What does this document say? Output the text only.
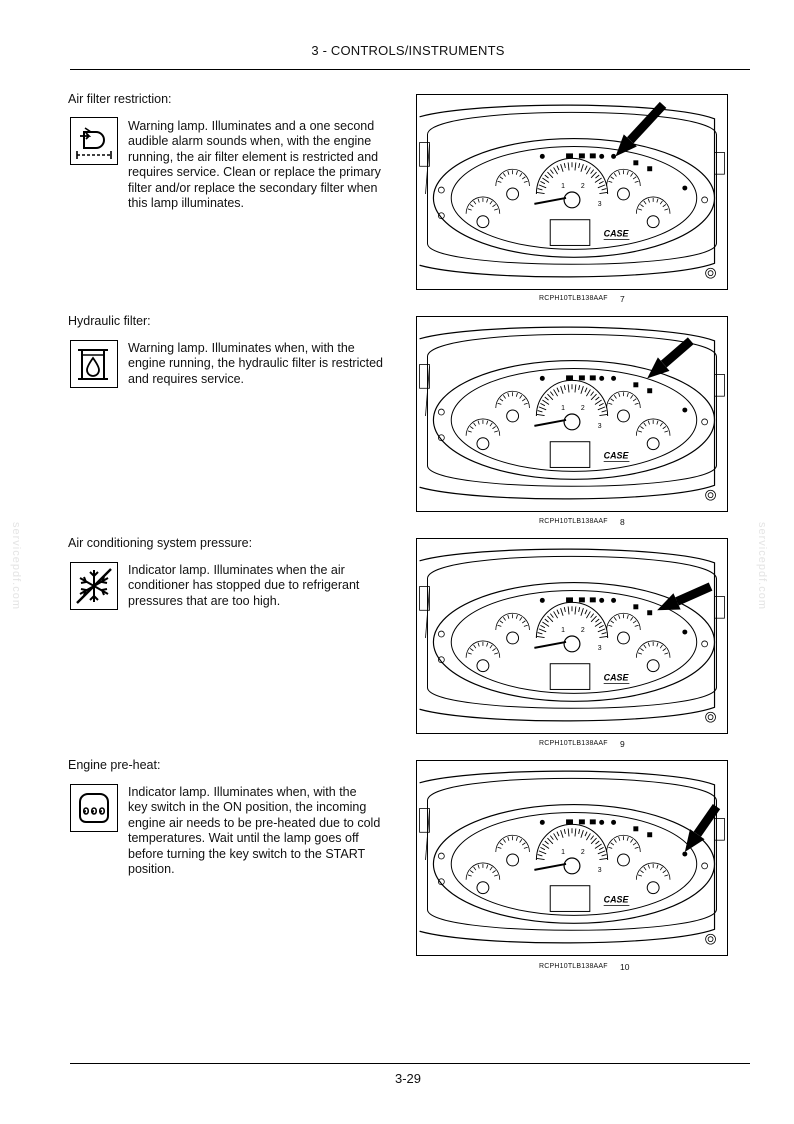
3 - CONTROLS/INSTRUMENTS
servicepdf.com	servicepdf.com
Air filter restriction:
Warning lamp. Illuminates and a one second
audible alarm sounds when, with the engine
running, the air filter element is restricted and
requires service. Clean or replace the primary
filter and/or replace the secondary filter when
this lamp illuminates.
1 2
3
CASE
RCPH10TLB138AAF 7
Hydraulic filter:
Warning lamp. Illuminates when, with the
engine running, the hydraulic filter is restricted
and requires service.
1 2
3
CASE
RCPH10TLB138AAF 8
Air conditioning system pressure:
Indicator lamp. Illuminates when the air
conditioner has stopped due to refrigerant
pressures that are too high.
1 2
3
CASE
RCPH10TLB138AAF 9
Engine pre-heat:
Indicator lamp. Illuminates when, with the
key switch in the ON position, the incoming
engine air needs to be pre-heated due to cold
temperatures. Wait until the lamp goes off
before turning the key switch to the START
position.
1 2
3
CASE
RCPH10TLB138AAF 10
3-29
